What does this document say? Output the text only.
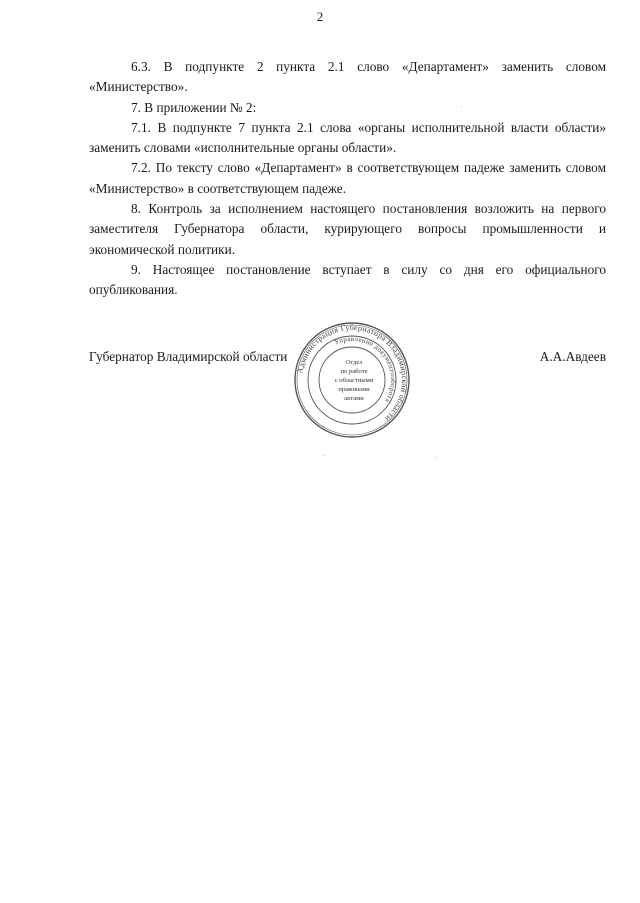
2

6.3. В подпункте 2 пункта 2.1 слово «Департамент» заменить словом «Министерство».

7. В приложении № 2:

7.1. В подпункте 7 пункта 2.1 слова «органы исполнительной власти области» заменить словами «исполнительные органы области».

7.2. По тексту слово «Департамент» в соответствующем падеже заменить словом «Министерство» в соответствующем падеже.

8. Контроль за исполнением настоящего постановления возложить на первого заместителя Губернатора области, курирующего вопросы промышленности и экономической политики.

9. Настоящее постановление вступает в силу со дня его официального опубликования.

Администрация Губернатора Владимирской области
Управление документооборота
Отдел
по работе
с областными
правовыми
актами
Губернатор Владимирской области	А.А.Авдеев
